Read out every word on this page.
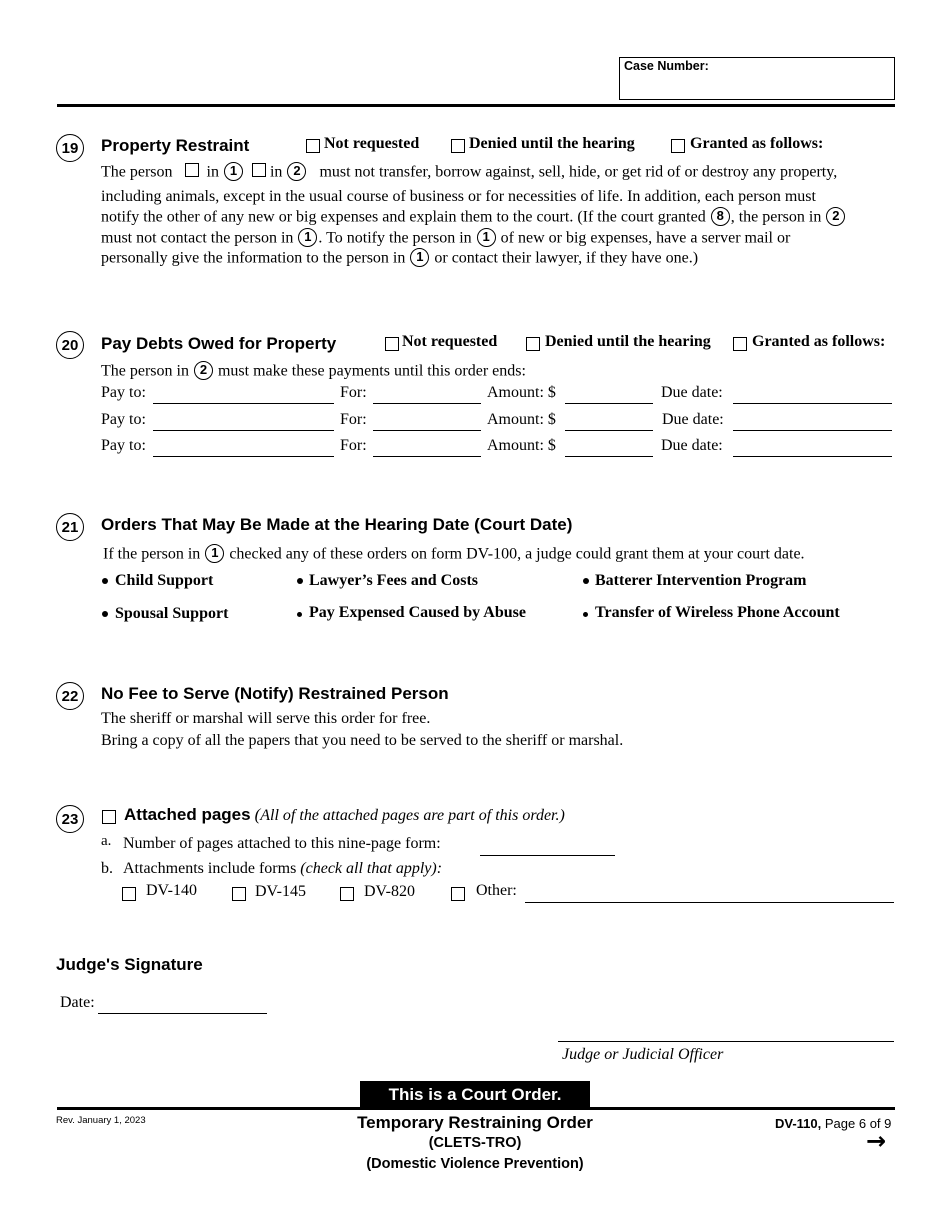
Case Number:
19	Property Restraint	Not requested	Denied until the hearing	Granted as follows:
The person in 1 in 2 must not transfer, borrow against, sell, hide, or get rid of or destroy any property,
including animals, except in the usual course of business or for necessities of life. In addition, each person must
notify the other of any new or big expenses and explain them to the court. (If the court granted 8 , the person in 2
must not contact the person in 1 . To notify the person in 1 of new or big expenses, have a server mail or
personally give the information to the person in 1 or contact their lawyer, if they have one.)
20	Pay Debts Owed for Property	Not requested	Denied until the hearing	Granted as follows:
The person in 2 must make these payments until this order ends:
Pay to:	For:	Amount: $	Due date:
Pay to:	For:	Amount: $	Due date:
Pay to:	For:	Amount: $	Due date:
21	Orders That May Be Made at the Hearing Date (Court Date)
If the person in 1 checked any of these orders on form DV-100, a judge could grant them at your court date.
Child Support	Lawyer’s Fees and Costs	Batterer Intervention Program
Spousal Support	Pay Expensed Caused by Abuse	Transfer of Wireless Phone Account
22	No Fee to Serve (Notify) Restrained Person
The sheriff or marshal will serve this order for free.
Bring a copy of all the papers that you need to be served to the sheriff or marshal.
23	Attached pages (All of the attached pages are part of this order.)
a. Number of pages attached to this nine-page form:
b. Attachments include forms (check all that apply):
DV-140	DV-145	DV-820	Other:
Judge's Signature
Date:
Judge or Judicial Officer
This is a Court Order.
Rev. January 1, 2023	Temporary Restraining Order
(CLETS-TRO)
(Domestic Violence Prevention)
DV-110, Page 6 of 9
→
